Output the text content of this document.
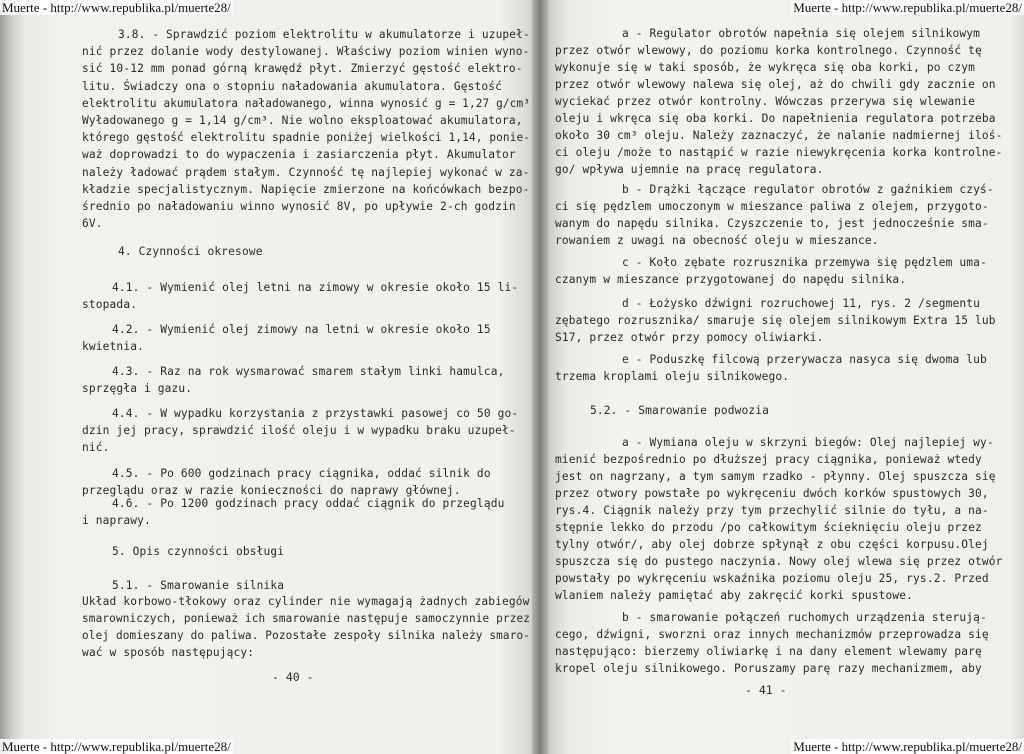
Muerte - http://www.republika.pl/muerte28/	Muerte - http://www.republika.pl/muerte28/
Muerte - http://www.republika.pl/muerte28/	Muerte - http://www.republika.pl/muerte28/
3.8. - Sprawdzić poziom elektrolitu w akumulatorze i uzupeł-
nić przez dolanie wody destylowanej. Właściwy poziom winien wyno-
sić 10-12 mm ponad górną krawędź płyt. Zmierzyć gęstość elektro-
litu. Świadczy ona o stopniu naładowania akumulatora. Gęstość
elektrolitu akumulatora naładowanego, winna wynosić g = 1,27 g/cm³
Wyładowanego g = 1,14 g/cm³. Nie wolno eksploatować akumulatora,
którego gęstość elektrolitu spadnie poniżej wielkości 1,14, ponie-
waż doprowadzi to do wypaczenia i zasiarczenia płyt. Akumulator
należy ładować prądem stałym. Czynność tę najlepiej wykonać w za-
kładzie specjalistycznym. Napięcie zmierzone na końcówkach bezpo-
średnio po naładowaniu winno wynosić 8V, po upływie 2-ch godzin
6V.
4. Czynności okresowe
4.1. - Wymienić olej letni na zimowy w okresie około 15 li-
stopada.
4.2. - Wymienić olej zimowy na letni w okresie około 15
kwietnia.
4.3. - Raz na rok wysmarować smarem stałym linki hamulca,
sprzęgła i gazu.
4.4. - W wypadku korzystania z przystawki pasowej co 50 go-
dzin jej pracy, sprawdzić ilość oleju i w wypadku braku uzupeł-
nić.
4.5. - Po 600 godzinach pracy ciągnika, oddać silnik do
przeglądu oraz w razie konieczności do naprawy głównej.
4.6. - Po 1200 godzinach pracy oddać ciągnik do przeglądu
i naprawy.
5. Opis czynności obsługi
5.1. - Smarowanie silnika
Układ korbowo-tłokowy oraz cylinder nie wymagają żadnych zabiegów
smarowniczych, ponieważ ich smarowanie następuje samoczynnie przez
olej domieszany do paliwa. Pozostałe zespoły silnika należy smaro-
wać w sposób następujący:
- 40 -
a - Regulator obrotów napełnia się olejem silnikowym
przez otwór wlewowy, do poziomu korka kontrolnego. Czynność tę
wykonuje się w taki sposób, że wykręca się oba korki, po czym
przez otwór wlewowy nalewa się olej, aż do chwili gdy zacznie on
wyciekać przez otwór kontrolny. Wówczas przerywa się wlewanie
oleju i wkręca się oba korki. Do napełnienia regulatora potrzeba
około 30 cm³ oleju. Należy zaznaczyć, że nalanie nadmiernej iloś-
ci oleju /może to nastąpić w razie niewykręcenia korka kontrolne-
go/ wpływa ujemnie na pracę regulatora.
b - Drążki łączące regulator obrotów z gaźnikiem czyś-
ci się pędzlem umoczonym w mieszance paliwa z olejem, przygoto-
wanym do napędu silnika. Czyszczenie to, jest jednocześnie sma-
rowaniem z uwagi na obecność oleju w mieszance.
c - Koło zębate rozrusznika przemywa się pędzlem uma-
czanym w mieszance przygotowanej do napędu silnika.
d - Łożysko dźwigni rozruchowej 11, rys. 2 /segmentu
zębatego rozrusznika/ smaruje się olejem silnikowym Extra 15 lub
S17, przez otwór przy pomocy oliwiarki.
e - Poduszkę filcową przerywacza nasyca się dwoma lub
trzema kroplami oleju silnikowego.
5.2. - Smarowanie podwozia
a - Wymiana oleju w skrzyni biegów: Olej najlepiej wy-
mienić bezpośrednio po dłuższej pracy ciągnika, ponieważ wtedy
jest on nagrzany, a tym samym rzadko - płynny. Olej spuszcza się
przez otwory powstałe po wykręceniu dwóch korków spustowych 30,
rys.4. Ciągnik należy przy tym przechylić silnie do tyłu, a na-
stępnie lekko do przodu /po całkowitym ścieknięciu oleju przez
tylny otwór/, aby olej dobrze spłynął z obu części korpusu.Olej
spuszcza się do pustego naczynia. Nowy olej wlewa się przez otwór
powstały po wykręceniu wskaźnika poziomu oleju 25, rys.2. Przed
wlaniem należy pamiętać aby zakręcić korki spustowe.
b - smarowanie połączeń ruchomych urządzenia sterują-
cego, dźwigni, sworzni oraz innych mechanizmów przeprowadza się
następująco: bierzemy oliwiarkę i na dany element wlewamy parę
kropel oleju silnikowego. Poruszamy parę razy mechanizmem, aby
- 41 -
